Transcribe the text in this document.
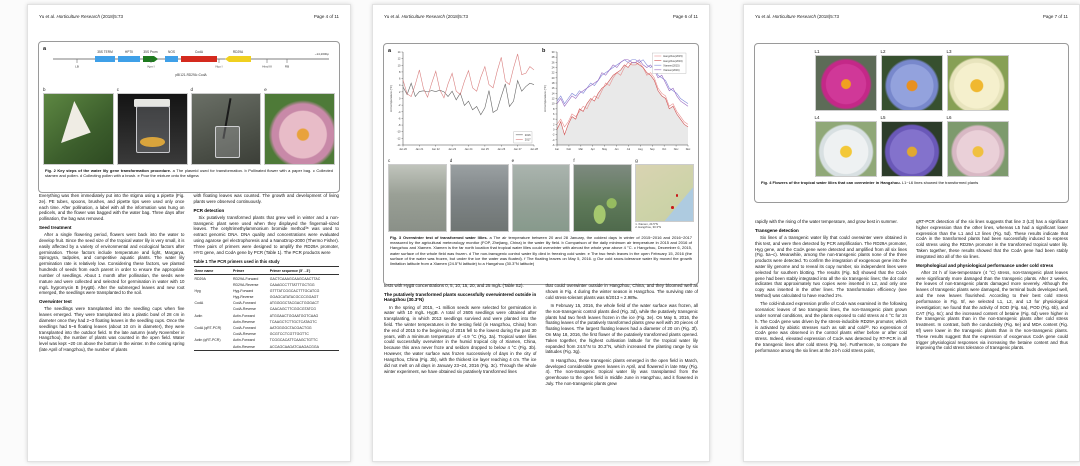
Yu et al. Horticulture Research (2018)5:73	Page 4 of 11
a	35S TERM	HPTII	35S Prom	NOS	CodA	RD29A
LB	Kpn I	Nco I	Hind III	RB
pBI121-RD29A::CodA
~14,200bp
b	c	d	e

Fig. 2 Key steps of the water lily gene transformation procedure. a The plasmid used for transformation. b Pollinated flower with a paper bag. c Collected stamen and pollen. d Collecting pollen with a brush. e Pour the mixture onto the stigma

Everything was then immediately put into the stigma using a pipette (Fig. 2e). PE tubes, spoons, brushes, and pipette tips were used only once each time. After pollination, a label with all the information was hung on pedicels, and the flower was bagged with the water bag. Three days after pollination, the bag was removed.

Seed treatment

After a single flowering period, flowers went back into the water to develop fruit. Since the seed size of the tropical water lily is very small, it is easily affected by a variety of environmental and ecological factors after germination. These factors include temperature and light, Margarya, Spirogyra, tadpoles, and competitive aquatic plants. The water lily germination rate is relatively low. Considering these factors, we planted hundreds of seeds from each parent in order to ensure the appropriate number of seedlings. About 1 month after pollination, the seeds were mature and were collected and selected for germination in water with 10 mg/L hygromycin B (HygB). After the submerged leaves and new root emerged, the seedlings were transplanted to the soil.

Overwinter test

The seedlings were transplanted into the seedling cups when five leaves emerged. They were transplanted into a plastic bowl of 28 cm in diameter once they had 2~3 floating leaves in the seedling cups. Once the seedlings had 5~6 floating leaves (about 10 cm in diameter), they were transplanted into the outdoor field. In the late autumn (early November in Hangzhou), the number of plants was counted in the open field. Water level was kept ~20 cm above the bottom in the winter. In the coming spring (late April of Hangzhou), the number of plants

with floating leaves was counted. The growth and development of living plants were observed continuously.

PCR detection

Six putatively transformed plants that grew well in winter and a non-transgenic plant were used when they displayed the fingernail-sized leaves. The cetyltrimethylammonium bromide method³⁸ was used to extract genomic DNA. DNA quality and concentrations were evaluated using agarose gel electrophoresis and a NanoDrop-2000 (Thermo Fisher). Three pairs of primers were designed to amplify the RD29A promoter, HYG gene, and CodA gene by PCR (Table 1). The PCR products were

Table 1 The PCR primers used in this study
Gene name	Primer	Primer sequence (5'→3')
RD29A	RD29A-Forward	GACTCAAAGCAAGCAACTTAC
	RD29A-Reverse	CAAAGCCTTTATTTGCTGG
Hyg	Hyg-Forward	GTTTATCGGCACTTTGCATCG
	Hyg-Reverse	GGAGCATATACGCCCGGAGT
CodA	CodA-Forward	ATGGGGCTACGACTGGGACT
	CodA-Reverse	CAACAGCTTCGGCGTATCG
Actin	Actin-Forward	ATGGAACTGGAATGGTCAAG
	Actin-Reverse	TCAAGCTCTTGCTCATAGTC
CodA (qRT-PCR)	CodA-Forward	AATGGGGCTACGACTGG
	CodA-Reverse	GCGTCCTCGTTGGTTC
Actin (qRT-PCR)	Actin-Forward	TCGGCACATTCAAGCTGTTC
	Actin-Reverse	ACCAGCAAGATCAAGACGGA
Yu et al. Horticulture Research (2018)5:73	Page 6 of 11
a
-14
-12
-10
-8
-6
-4
-2
0
2
4
6
8
10
12
14
Jan 20	Jan 21	Jan 22	Jan 23	Jan 24	Jan 25	Jan 26	Jan 27	Jan 28
Air temperature (°C)
2016
2017
b
-6
-4
-2
0
2
4
6
8
10
12
14
16
18
20
22
24
26
28
30
Jan	Feb	Mar	Apr	May	Jun	Jul	Aug	Sep	Oct	Nov	Dec
Air temperature (°C)
Hangzhou(2015)
Hangzhou(2016)
Xiamen(2015)
Xiamen(2016)
c	d	e	f	g
1. Xiamen, 24.5°N
2. Hangzhou, 30.3°N

Fig. 3 Overwinter test of transformed water lilies. a The air temperature between 20 and 28 January, the coldest days in winter of 2015~2016 and 2016~2017 measured by the agricultural meteorology monitor (FOP, Zhejiang, China) in the water lily field. b Comparison of the daily minimum air temperature in 2015 and 2016 of Hangzhou and Xiamen. Xiamen is the far north location that tropical water lilies could overwinter with almost the whole year above 4 °C. c Hangzhou, December 6, 2015, water surface of the whole field was frozen. d The non-transgenic control water lily died in freezing cold water. e The two fresh leaves in the open February 15, 2016 (the surface of the water was frozen, but under the ice the water was floated). f The floating leaves on May 5, 2016. g Our cold snow-tolerance water lily moved the growth limitation latitude from a Xiamen (24.5°N latitude) to a Hangzhou (30.3°N latitude)

tests with HygB concentrations 0, 5, 10, 15, 20, and 25 mg/L (Table S2).

The putatively transformed plants successfully overwintered outside in Hangzhou (30.3°N)

In the spring of 2015, ~1 million seeds were selected for germination in water with 10 mg/L HygB. A total of 2605 seedlings were obtained after transplanting, in which 2013 seedlings survived and were planted into the field. The winter temperatures in the testing field (in Hangzhou, China) from the end of 2015 to the beginning of 2016 fell to the lowest during the past 30 years, with a minimum temperature of -4.9 °C (Fig. 3a). Tropical water lilies could successfully overwinter in the humid tropical city of Xiamen, China, because this area never froze and seldom dropped to below 4 °C (Fig. 3b). However, the water surface was frozen successively of days in the city of Hangzhou, China (Fig. 3b), with the thickest ice layer reaching 4 cm. The ice did not melt on all days in January 23~24, 2016 (Fig. 3c). Through the whole winter experiment, we have obtained six putatively transformed lines

that could overwinter outside in Hangzhou, China, and they bloomed well as shown in Fig. 4 during the winter season in Hangzhou. The surviving rate of cold stress-tolerant plants was 6/2013 ≈ 2.98‰.

In February 15, 2016, the whole field of the water surface was frozen, all the non-transgenic control plants died (Fig. 3d), while the putatively transgenic plants had two fresh leaves frozen in the ice (Fig. 3e). On May 5, 2016, the floating leaves of the putatively transformed plants grew well with 20 pieces of floating leaves. The largest floating leaves had a diameter of 20 cm (Fig. 3f). On May 18, 2016, the first flower of the putatively transformed plants opened. Taken together, the highest cultivation latitude for the tropical water lily expanded from 24.5°N to 30.3°N, which increased the planting range by six latitudes (Fig. 3g).

In Hangzhou, these transgenic plants emerged in the open field in March, developed considerable green leaves in April, and flowered in late May (Fig. 4). The non-transgenic tropical water lily was transplanted from the greenhouse to the open field in middle June in Hangzhou, and it flowered in July. The non-transgenic plants grew

Yu et al. Horticulture Research (2018)5:73	Page 7 of 11
L1	L2	L3
L4	L5	L6

Fig. 4 Flowers of the tropical water lilies that can overwinter in Hangzhou. L1~L6 lines showed the transformed plants

rapidly with the rising of the water temperature, and grow best in summer.

Transgene detection

Six lines of a transgenic water lily that could overwinter were obtained in this test, and were then detected by PCR amplification. The RD29A promoter, Hyg gene, and the CodA gene were detected and amplified from all six lines (Fig. 5a~c). Meanwhile, among the non-transgenic plants none of the three products were detected. To confirm the integration of exogenous gene into the water lily genome and to reveal its copy number, six independent lines were selected for southern blotting. The results (Fig. 5d) showed that the CodA gene had been stably integrated into all the six transgenic lines; the dot color indicates that approximately two copies were inserted in L2, and only one copy was inserted in the other lines. The transformation efficiency (see Method) was calculated to have reached 1%.

The cold-induced expression profile of CodA was examined in the following scenarios: leaves of two transgenic lines, the non-transgenic plant grown under normal conditions, and the plants exposed to cold stress at 4 °C for 24 h. The CodA gene was driven by the stress-inducible RD29A promoter, which is activated by abiotic stresses such as salt and cold³⁰. No expression of CodA gene was observed in the control plants either before or after cold stress. Indeed, elevated expression of CodA was detected by RT-PCR in all the transgenic lines after cold stress (Fig. 5e). Furthermore, to compare the performance among the six lines at the 24-h cold stress point,

qRT-PCR detection of the six lines suggests that line 3 (L3) has a significant higher expression than the other lines, whereas L5 had a significant lower expression than the L1 and L3 lines (Fig. 5d). These results indicate that CodA in the transformed plants had been successfully induced to express cold stress using the RD29A promoter in the transformed tropical water lily. Taken together, these results showed that the CodA gene had been stably integrated into all of the six lines.

Morphological and physiological performance under cold stress

After 24 h of low-temperature (4 °C) stress, non-transgenic plant leaves were significantly more damaged than the transgenic plants. After 2 weeks, the leaves of non-transgenic plants damaged more severely. Although the leaves of transgenic plants were damaged, the terminal buds developed well, and the new leaves flourished. According to their best cold stress performance in Fig. 5f, we selected L1, L2, and L3 for physiological investigation; we found that the activity of SOD (Fig. 6a), POD (Fig. 6b), and CAT (Fig. 6c); and the increased content of betaine (Fig. 6d) were higher in the transgenic plants than in the non-transgenic plants after cold stress treatment. In contrast, both the conductivity (Fig. 6e) and MDA content (Fig. 6f) were lower in the transgenic plants than in the non-transgenic plants. These results suggest that the expression of exogenous CodA gene could trigger physiological responses via increasing the betaine content and thus improving the cold stress tolerance of transgenic plants.
